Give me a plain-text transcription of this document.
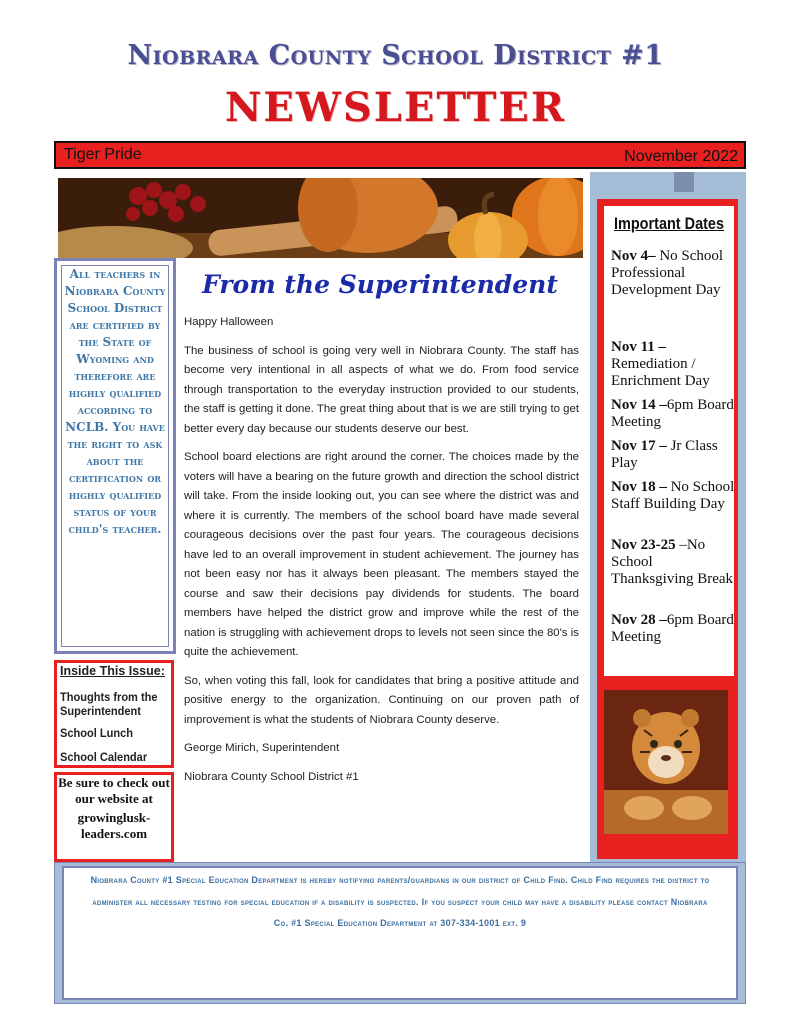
Niobrara County School District #1
NEWSLETTER
Tiger Pride	November 2022
Important Dates
Nov 4– No School Professional Development Day
Nov 11 – Remediation / Enrichment Day
Nov 14 –6pm Board Meeting
Nov 17 – Jr Class Play
Nov 18 – No School Staff Building Day
Nov 23-25 –No School Thanksgiving Break
Nov 28 –6pm Board Meeting
All teachers in Niobrara County School District are certified by the State of Wyoming and therefore are highly qualified according to NCLB. You have the right to ask about the certification or highly qualified status of your child's teacher.
Inside This Issue:
Thoughts from the Superintendent
School Lunch
School Calendar
Be sure to check out our website at
growinglusk-leaders.com
From the Superintendent

Happy Halloween

The business of school is going very well in Niobrara County. The staff has become very intentional in all aspects of what we do. From food service through transportation to the everyday instruction provided to our students, the staff is getting it done. The great thing about that is we are still trying to get better every day because our students deserve our best.

School board elections are right around the corner. The choices made by the voters will have a bearing on the future growth and direction the school district will take. From the inside looking out, you can see where the district was and where it is currently. The members of the school board have made several courageous decisions over the past four years. The courageous decisions have led to an overall improvement in student achievement. The journey has not been easy nor has it always been pleasant. The members stayed the course and saw their decisions pay dividends for students. The board members have helped the district grow and improve while the rest of the nation is struggling with achievement drops to levels not seen since the 80's is quite the achievement.

So, when voting this fall, look for candidates that bring a positive attitude and positive energy to the organization. Continuing on our proven path of improvement is what the students of Niobrara County deserve.

George Mirich, Superintendent

Niobrara County School District #1

Niobrara County #1 Special Education Department is hereby notifying parents/guardians in our district of Child Find. Child Find requires the district to administer all necessary testing for special education if a disability is suspected. If you suspect your child may have a disability please contact Niobrara Co. #1 Special Education Department at 307-334-1001 ext. 9
